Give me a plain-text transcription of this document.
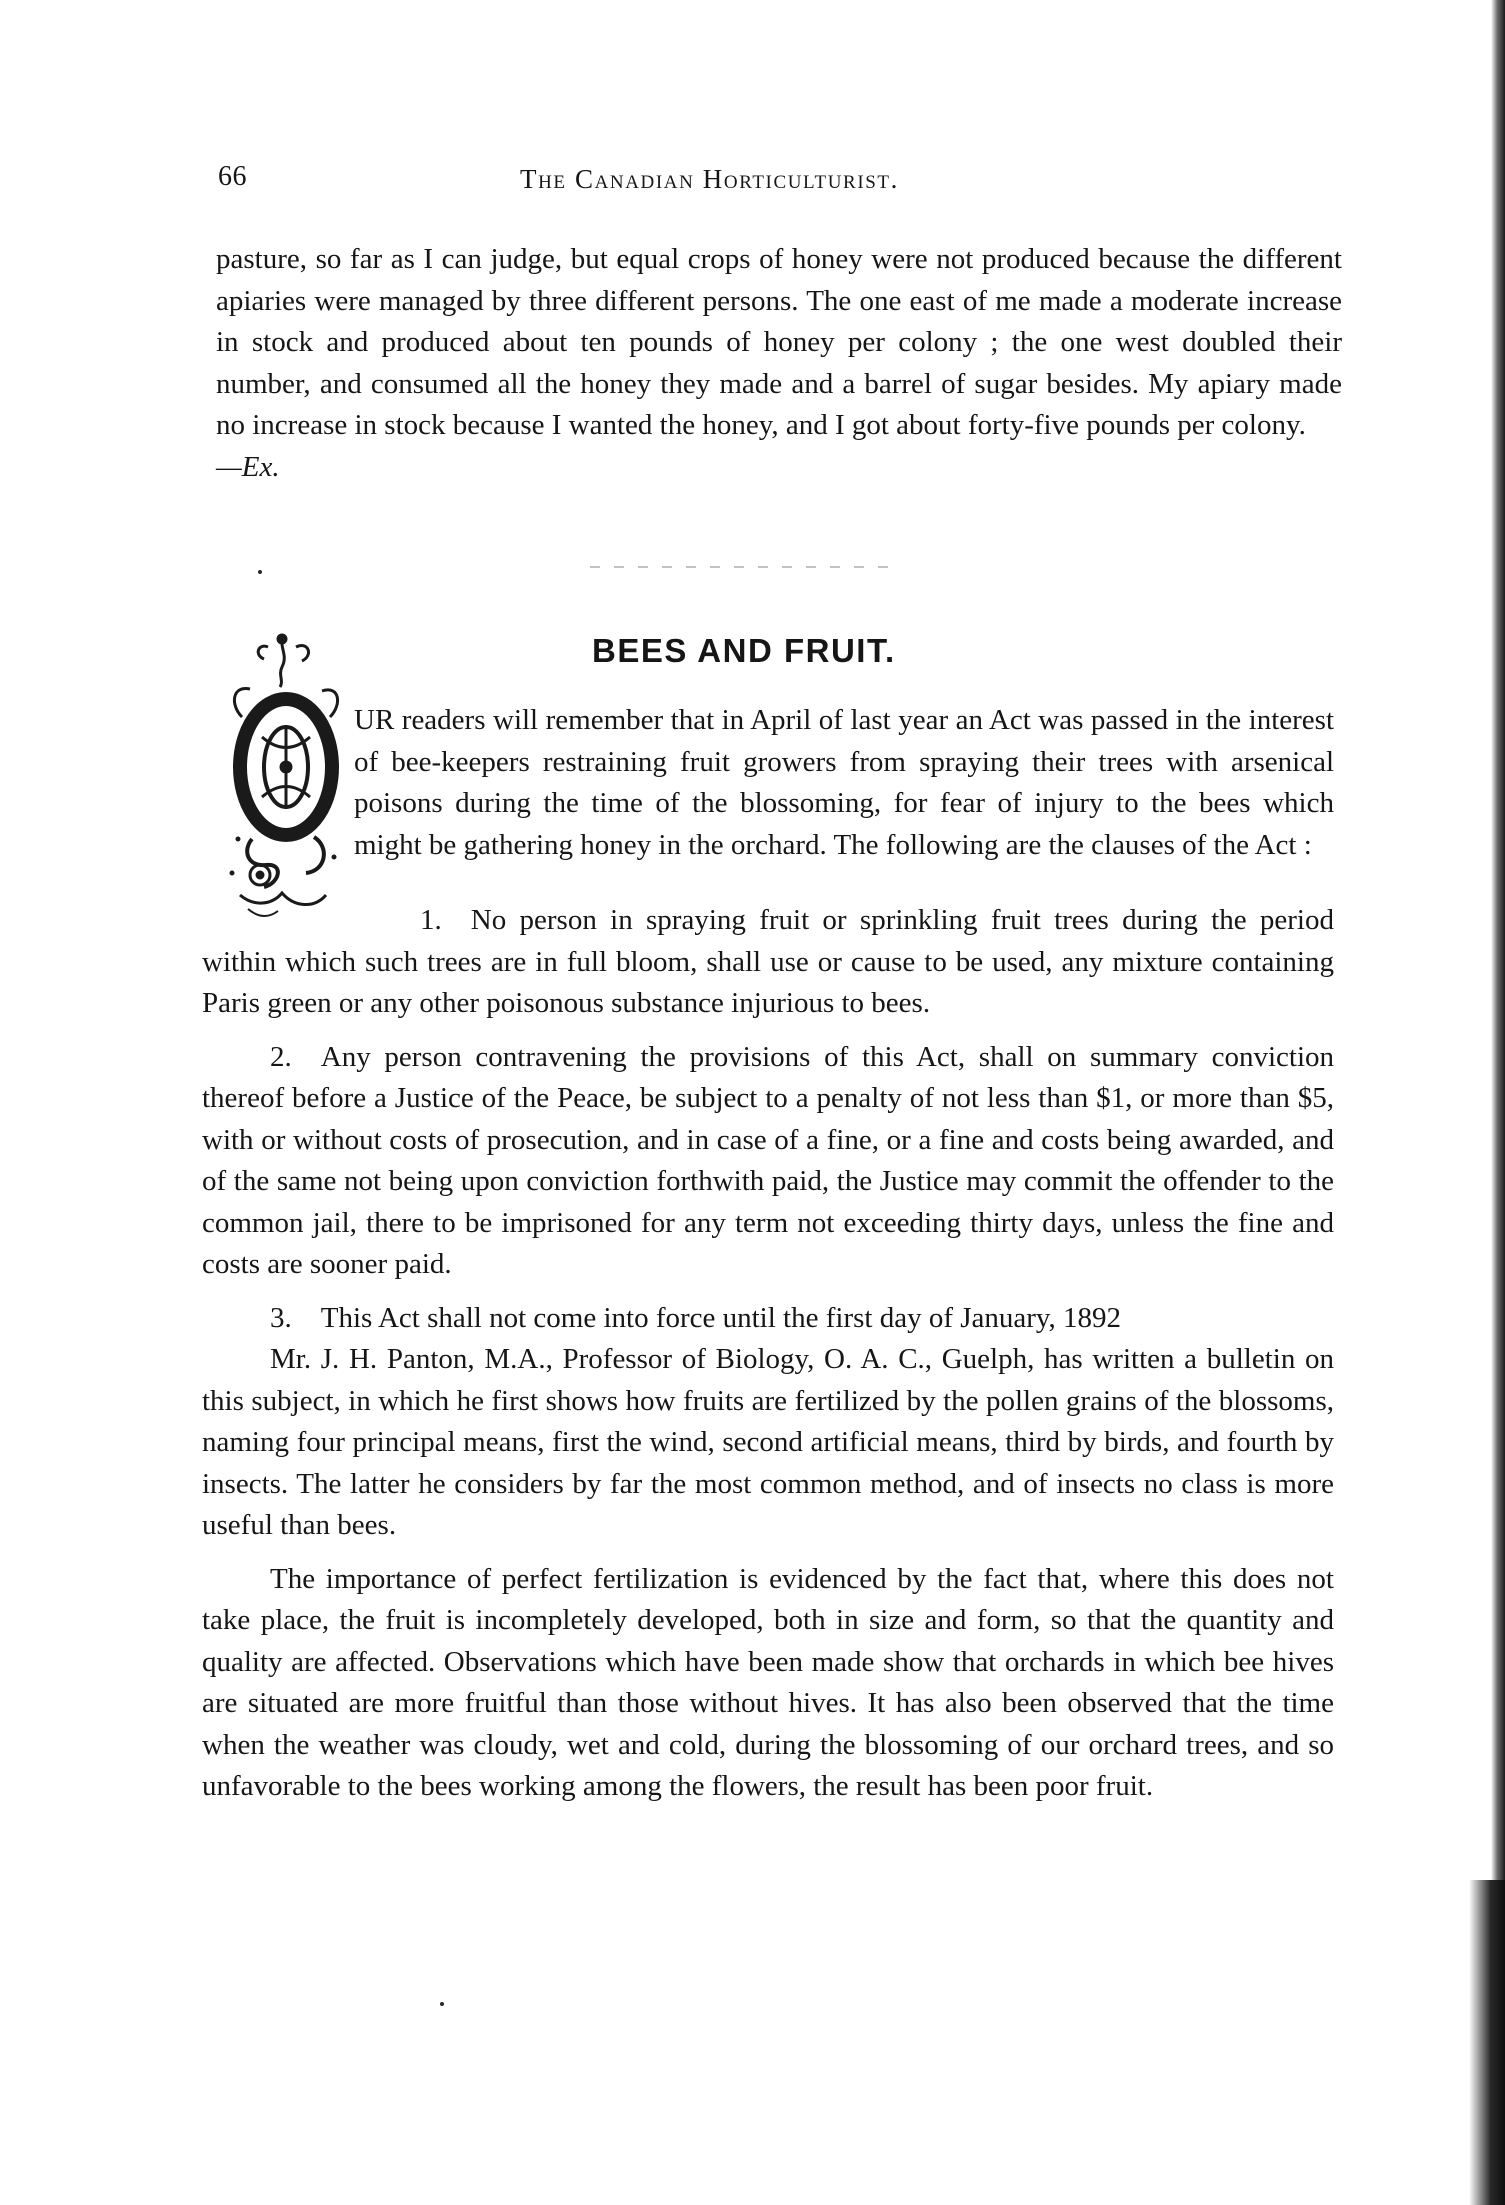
66	The Canadian Horticulturist.

pasture, so far as I can judge, but equal crops of honey were not produced because the different apiaries were managed by three different persons. The one east of me made a moderate increase in stock and produced about ten pounds of honey per colony ; the one west doubled their number, and consumed all the honey they made and a barrel of sugar besides. My apiary made no increase in stock because I wanted the honey, and I got about forty-five pounds per colony.
—Ex.

BEES AND FRUIT.

UR readers will remember that in April of last year an Act was passed in the interest of bee-keepers restraining fruit growers from spraying their trees with arsenical poisons during the time of the blossoming, for fear of injury to the bees which might be gathering honey in the orchard. The following are the clauses of the Act :

1.  No person in spraying fruit or sprinkling fruit trees during the period within which such trees are in full bloom, shall use or cause to be used, any mixture containing Paris green or any other poisonous substance injurious to bees.

2.  Any person contravening the provisions of this Act, shall on summary conviction thereof before a Justice of the Peace, be subject to a penalty of not less than $1, or more than $5, with or without costs of prosecution, and in case of a fine, or a fine and costs being awarded, and of the same not being upon conviction forthwith paid, the Justice may commit the offender to the common jail, there to be imprisoned for any term not exceeding thirty days, unless the fine and costs are sooner paid.

3.  This Act shall not come into force until the first day of January, 1892

Mr. J. H. Panton, M.A., Professor of Biology, O. A. C., Guelph, has written a bulletin on this subject, in which he first shows how fruits are fertilized by the pollen grains of the blossoms, naming four principal means, first the wind, second artificial means, third by birds, and fourth by insects. The latter he considers by far the most common method, and of insects no class is more useful than bees.

The importance of perfect fertilization is evidenced by the fact that, where this does not take place, the fruit is incompletely developed, both in size and form, so that the quantity and quality are affected. Observations which have been made show that orchards in which bee hives are situated are more fruitful than those without hives. It has also been observed that the time when the weather was cloudy, wet and cold, during the blossoming of our orchard trees, and so unfavorable to the bees working among the flowers, the result has been poor fruit.
